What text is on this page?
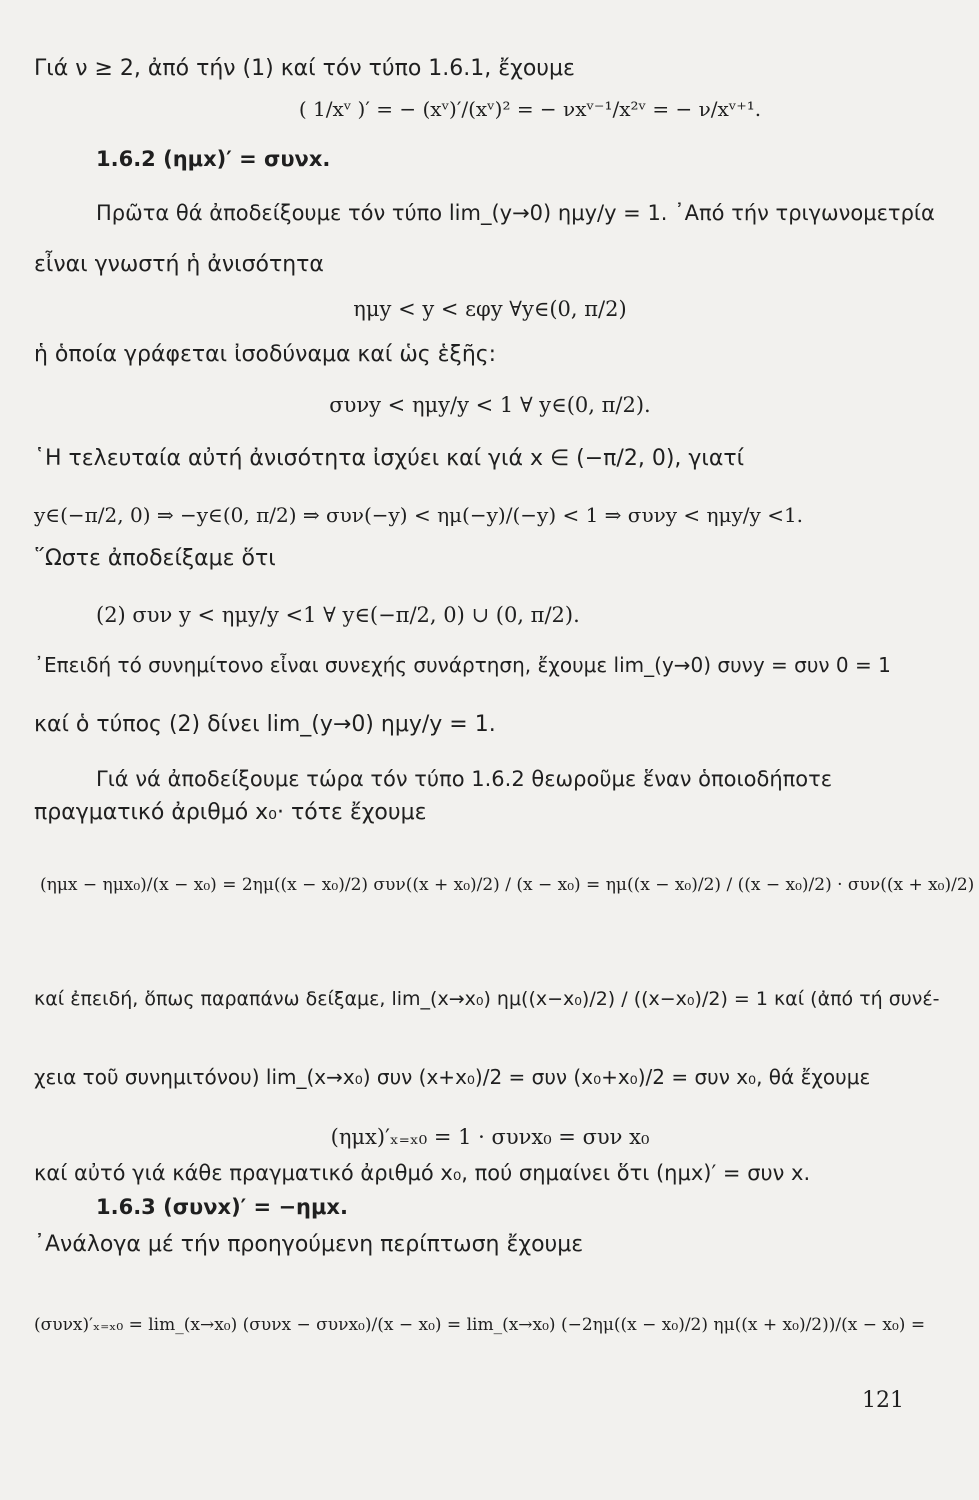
Γιά ν ≥ 2, ἀπό τήν (1) καί τόν τύπο 1.6.1, ἔχουμε
( 1/xᵛ )′ = − (xᵛ)′/(xᵛ)² = − νxᵛ⁻¹/x²ᵛ = − ν/xᵛ⁺¹.
1.6.2 (ημx)′ = συνx.
Πρῶτα θά ἀποδείξουμε τόν τύπο lim_(y→0) ημy/y = 1. ᾿Από τήν τριγωνομετρία
εἶναι γνωστή ἡ ἀνισότητα
ημy < y < εφy ∀y∈(0, π/2)
ἡ ὁποία γράφεται ἰσοδύναμα καί ὡς ἑξῆς:
συνy < ημy/y < 1 ∀ y∈(0, π/2).
῾Η τελευταία αὐτή ἀνισότητα ἰσχύει καί γιά x ∈ (−π/2, 0), γιατί
y∈(−π/2, 0) ⇒ −y∈(0, π/2) ⇒ συν(−y) < ημ(−y)/(−y) < 1 ⇒ συνy < ημy/y <1.
῞Ωστε ἀποδείξαμε ὅτι
(2) συν y < ημy/y <1 ∀ y∈(−π/2, 0) ∪ (0, π/2).
᾿Επειδή τό συνημίτονο εἶναι συνεχής συνάρτηση, ἔχουμε lim_(y→0) συνy = συν 0 = 1
καί ὁ τύπος (2) δίνει lim_(y→0) ημy/y = 1.
Γιά νά ἀποδείξουμε τώρα τόν τύπο 1.6.2 θεωροῦμε ἕναν ὁποιοδήποτε
πραγματικό ἀριθμό x₀· τότε ἔχουμε
(ημx − ημx₀)/(x − x₀) = 2ημ((x − x₀)/2) συν((x + x₀)/2) / (x − x₀) = ημ((x − x₀)/2) / ((x − x₀)/2) · συν((x + x₀)/2)
καί ἐπειδή, ὅπως παραπάνω δείξαμε, lim_(x→x₀) ημ((x−x₀)/2) / ((x−x₀)/2) = 1 καί (ἀπό τή συνέ-
χεια τοῦ συνημιτόνου) lim_(x→x₀) συν (x+x₀)/2 = συν (x₀+x₀)/2 = συν x₀, θά ἔχουμε
(ημx)′ₓ₌ₓ₀ = 1 · συνx₀ = συν x₀
καί αὐτό γιά κάθε πραγματικό ἀριθμό x₀, πού σημαίνει ὅτι (ημx)′ = συν x.
1.6.3 (συνx)′ = −ημx.
᾿Ανάλογα μέ τήν προηγούμενη περίπτωση ἔχουμε
(συνx)′ₓ₌ₓ₀ = lim_(x→x₀) (συνx − συνx₀)/(x − x₀) = lim_(x→x₀) (−2ημ((x − x₀)/2) ημ((x + x₀)/2))/(x − x₀) =
121
